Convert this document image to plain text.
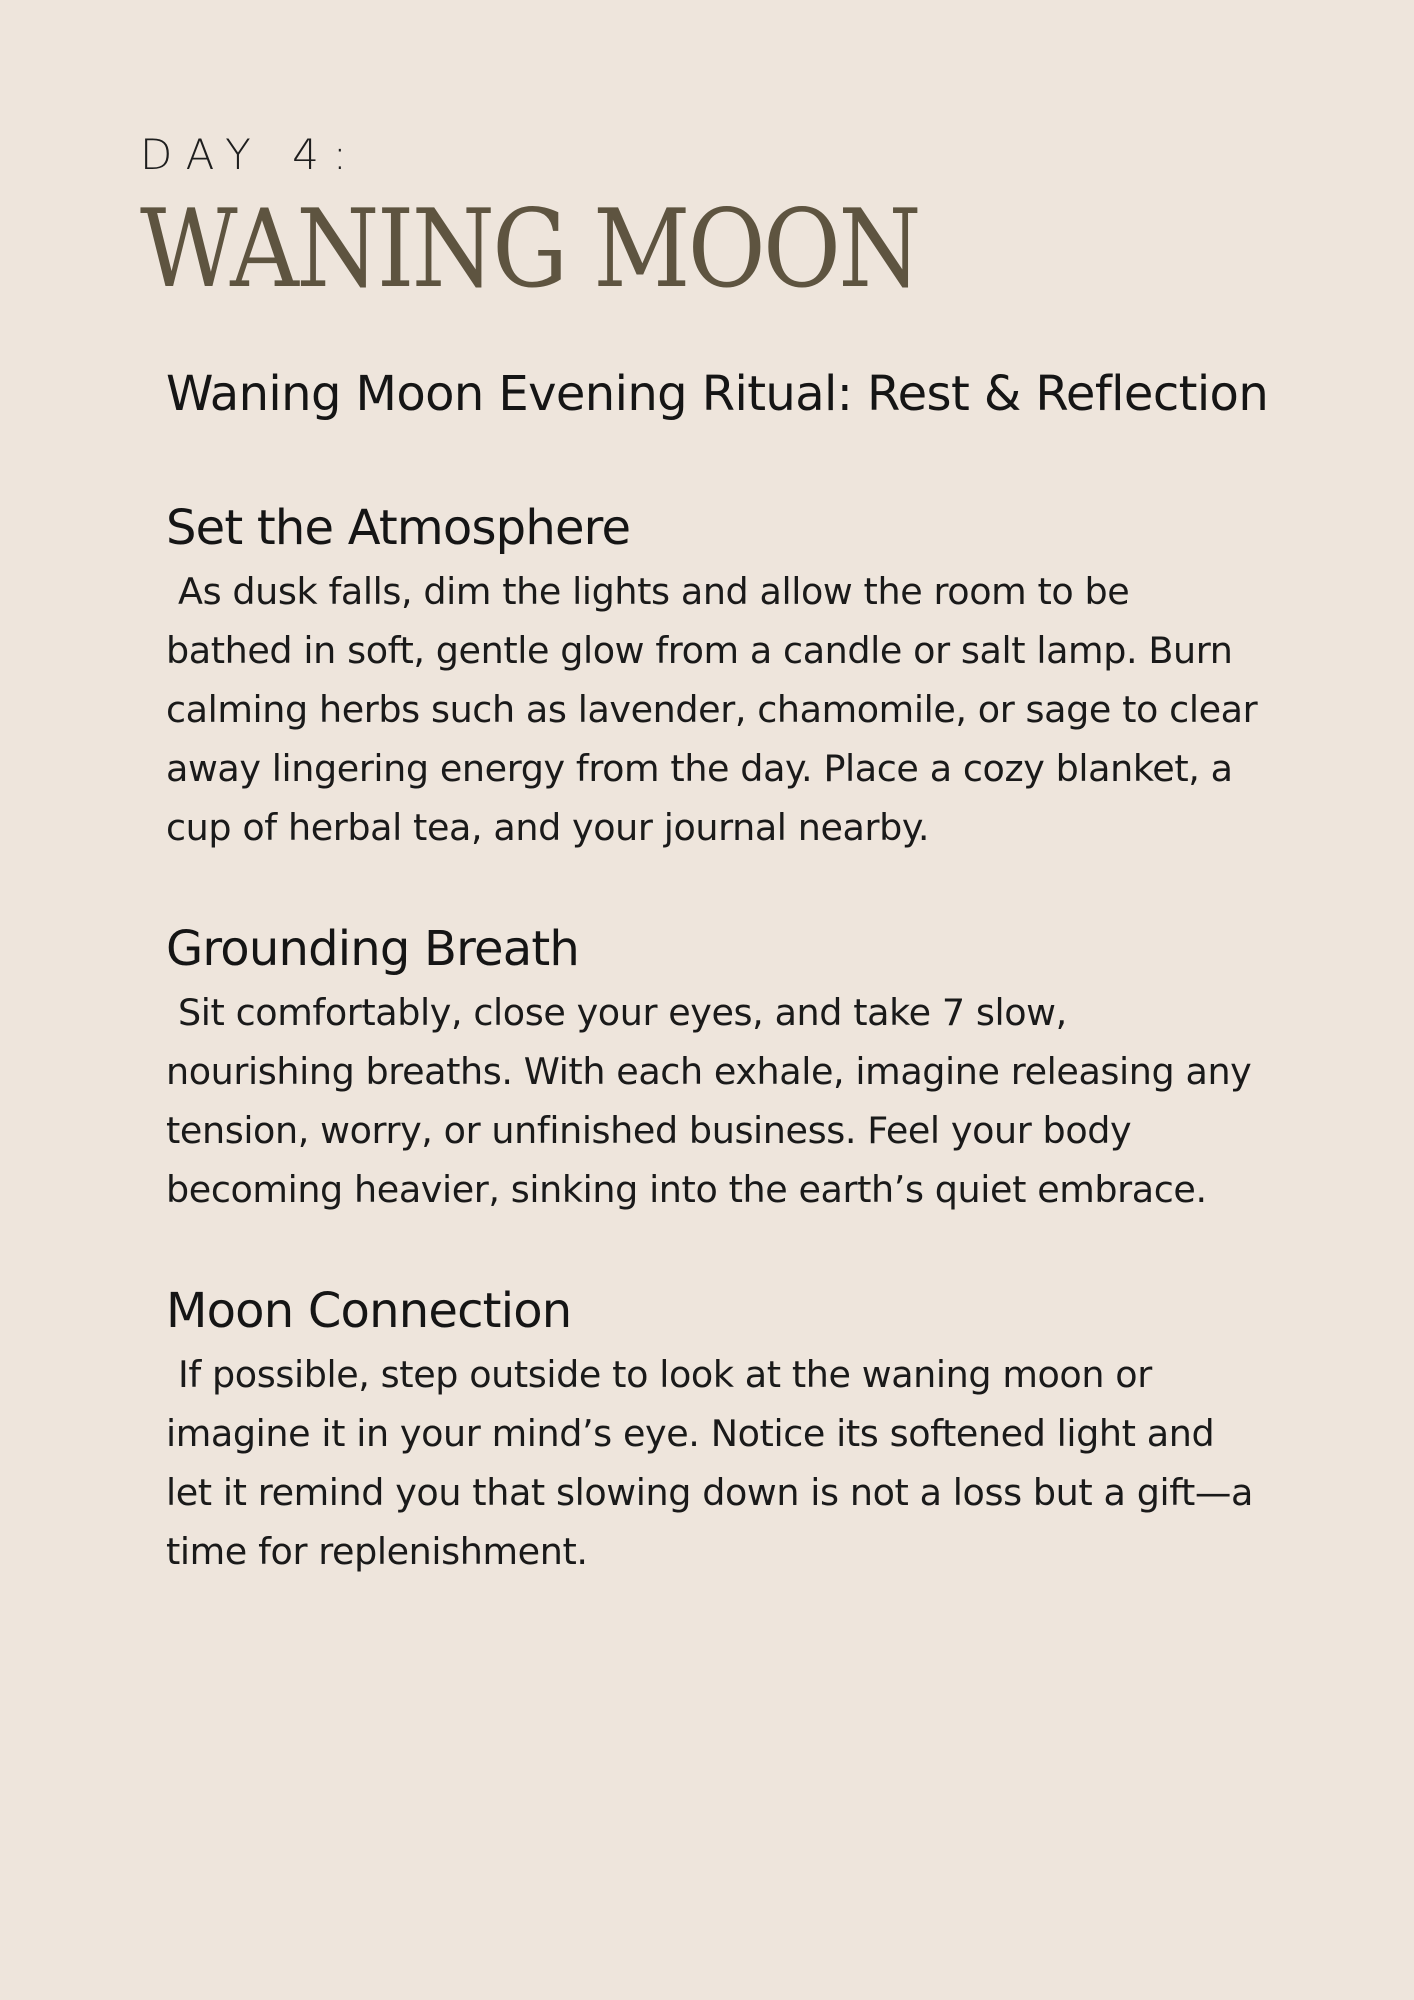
DAY 4:
WANING MOON
Waning Moon Evening Ritual: Rest & Reflection
Set the Atmosphere

As dusk falls, dim the lights and allow the room to be bathed in soft, gentle glow from a candle or salt lamp. Burn calming herbs such as lavender, chamomile, or sage to clear away lingering energy from the day. Place a cozy blanket, a cup of herbal tea, and your journal nearby.

Grounding Breath

Sit comfortably, close your eyes, and take 7 slow, nourishing breaths. With each exhale, imagine releasing any tension, worry, or unfinished business. Feel your body becoming heavier, sinking into the earth’s quiet embrace.

Moon Connection

If possible, step outside to look at the waning moon or imagine it in your mind’s eye. Notice its softened light and let it remind you that slowing down is not a loss but a gift—a time for replenishment.
